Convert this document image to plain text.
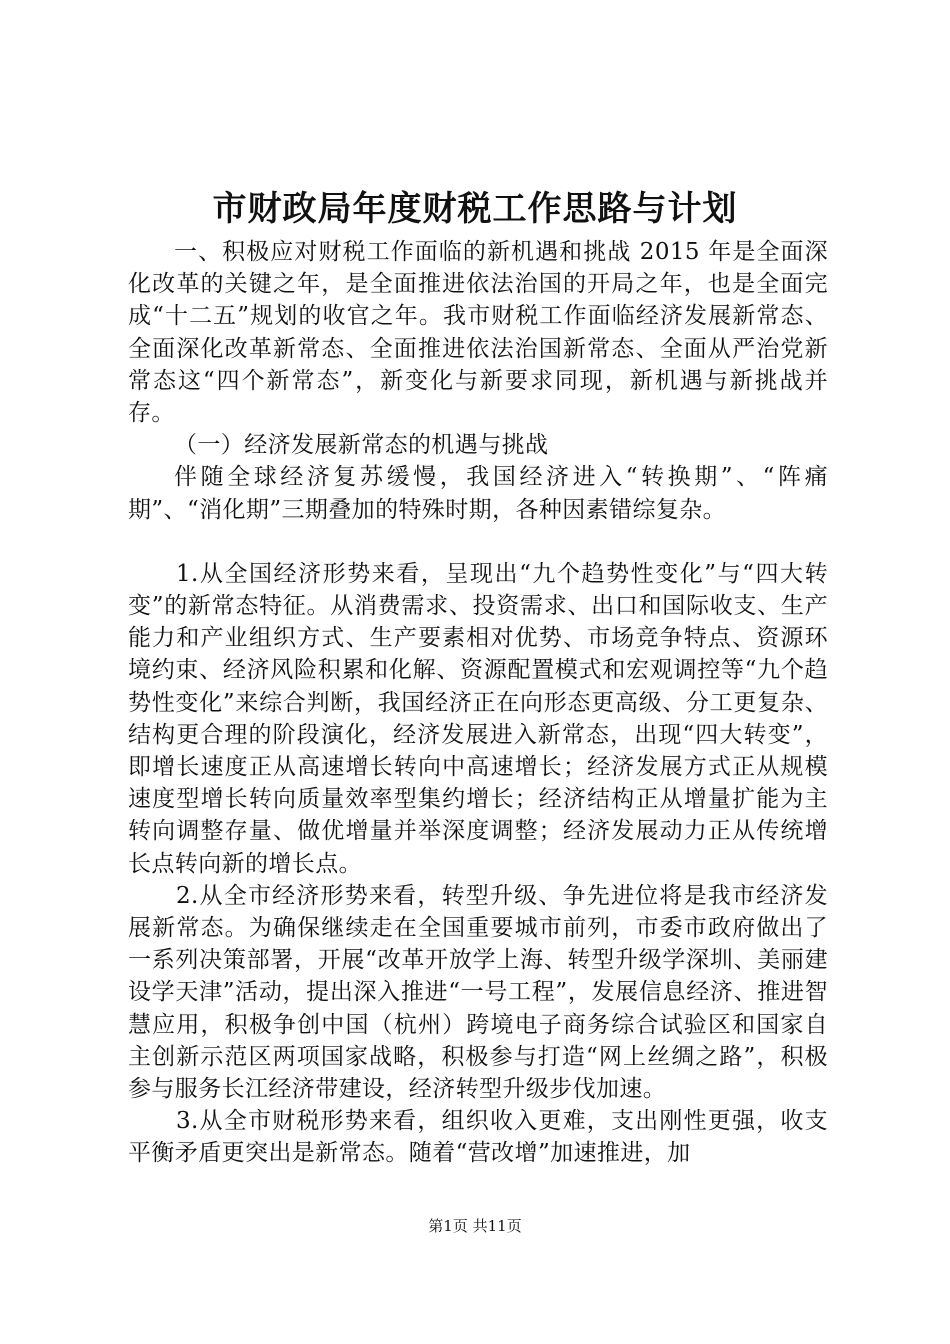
市财政局年度财税工作思路与计划

一、积极应对财税工作面临的新机遇和挑战 2015 年是全面深化改革的关键之年，是全面推进依法治国的开局之年，也是全面完成“十二五”规划的收官之年。我市财税工作面临经济发展新常态、全面深化改革新常态、全面推进依法治国新常态、全面从严治党新常态这“四个新常态”，新变化与新要求同现，新机遇与新挑战并存。

（一）经济发展新常态的机遇与挑战

伴随全球经济复苏缓慢，我国经济进入“转换期”、“阵痛期”、“消化期”三期叠加的特殊时期，各种因素错综复杂。

1.从全国经济形势来看，呈现出“九个趋势性变化”与“四大转变”的新常态特征。从消费需求、投资需求、出口和国际收支、生产能力和产业组织方式、生产要素相对优势、市场竞争特点、资源环境约束、经济风险积累和化解、资源配置模式和宏观调控等“九个趋势性变化”来综合判断，我国经济正在向形态更高级、分工更复杂、结构更合理的阶段演化，经济发展进入新常态，出现“四大转变”，即增长速度正从高速增长转向中高速增长；经济发展方式正从规模速度型增长转向质量效率型集约增长；经济结构正从增量扩能为主转向调整存量、做优增量并举深度调整；经济发展动力正从传统增长点转向新的增长点。

2.从全市经济形势来看，转型升级、争先进位将是我市经济发展新常态。为确保继续走在全国重要城市前列，市委市政府做出了一系列决策部署，开展“改革开放学上海、转型升级学深圳、美丽建设学天津”活动，提出深入推进“一号工程”，发展信息经济、推进智慧应用，积极争创中国（杭州）跨境电子商务综合试验区和国家自主创新示范区两项国家战略，积极参与打造“网上丝绸之路”，积极参与服务长江经济带建设，经济转型升级步伐加速。

3.从全市财税形势来看，组织收入更难，支出刚性更强，收支平衡矛盾更突出是新常态。随着“营改增”加速推进，加

第1页 共11页
